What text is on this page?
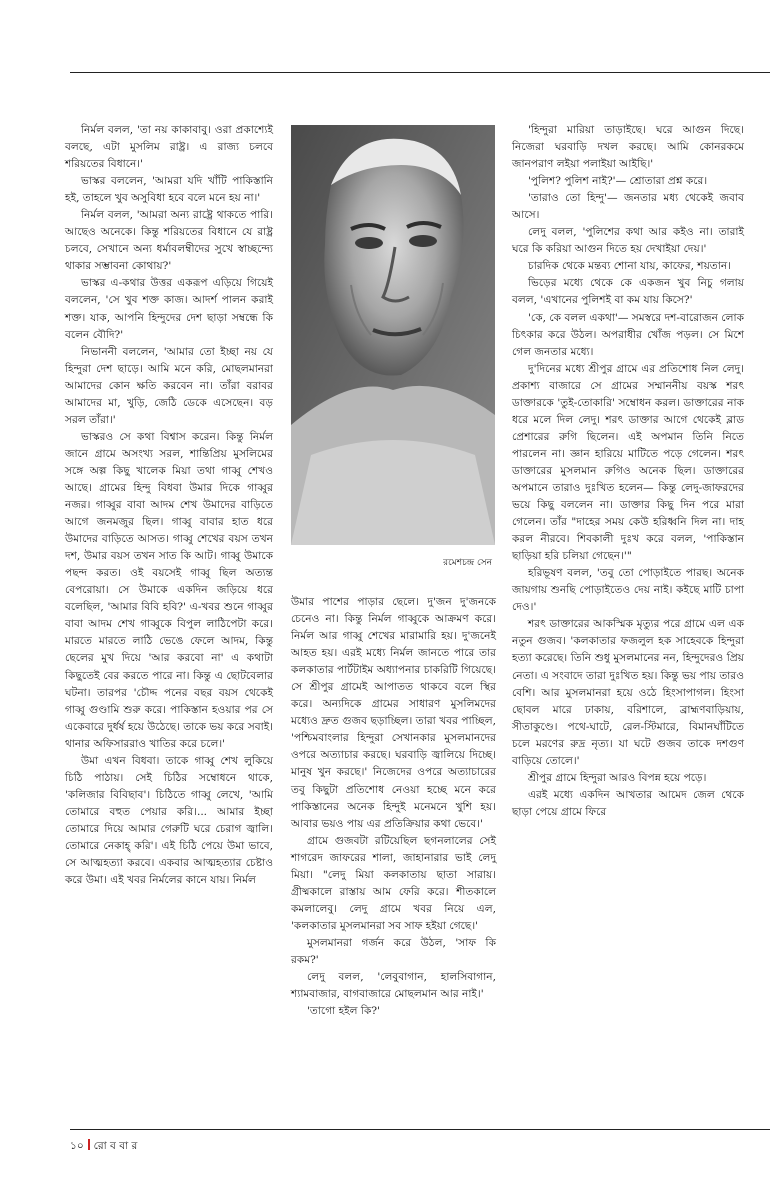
নির্মল বলল, 'তা নয় কাকাবাবু। ওরা প্রকাশ্যেই বলছে, এটা মুসলিম রাষ্ট্র। এ রাজ্য চলবে শরিয়তের বিধানে।'

ভাস্কর বললেন, 'আমরা যদি খাঁটি পাকিস্তানি হই, তাহলে খুব অসুবিধা হবে বলে মনে হয় না।'

নির্মল বলল, 'আমরা অন্য রাষ্ট্রে থাকতে পারি। আছেও অনেকে। কিন্তু শরিয়তের বিধানে যে রাষ্ট্র চলবে, সেখানে অন্য ধর্মাবলম্বীদের সুখে স্বাচ্ছন্দ্যে থাকার সম্ভাবনা কোথায়?'

ভাস্কর এ-কথার উত্তর একরূপ এড়িয়ে গিয়েই বললেন, 'সে খুব শক্ত কাজ। আদর্শ পালন করাই শক্ত। যাক, আপনি হিন্দুদের দেশ ছাড়া সম্বন্ধে কি বলেন বৌদি?'

নিভাননী বললেন, 'আমার তো ইচ্ছা নয় যে হিন্দুরা দেশ ছাড়ে। আমি মনে করি, মোছলমানরা আমাদের কোন ক্ষতি করবেন না। তাঁরা বরাবর আমাদের মা, খুড়ি, জেঠি ডেকে এসেছেন। বড় সরল তাঁরা।'

ভাস্করও সে কথা বিশ্বাস করেন। কিন্তু নির্মল জানে গ্রামে অসংখ্য সরল, শান্তিপ্রিয় মুসলিমের সঙ্গে অল্প কিছু খালেক মিয়া তথা গাব্বু শেখও আছে। গ্রামের হিন্দু বিধবা উমার দিকে গাব্বুর নজর। গাব্বুর বাবা আদম শেখ উমাদের বাড়িতে আগে জনমজুর ছিল। গাব্বু বাবার হাত ধরে উমাদের বাড়িতে আসত। গাব্বু শেখের বয়স তখন দশ, উমার বয়স তখন সাত কি আট। গাব্বু উমাকে পছন্দ করত। ওই বয়সেই গাব্বু ছিল অত্যন্ত বেপরোয়া। সে উমাকে একদিন জড়িয়ে ধরে বলেছিল, 'আমার বিবি হবি?' এ-খবর শুনে গাব্বুর বাবা আদম শেখ গাব্বুকে বিপুল লাঠিপেটা করে। মারতে মারতে লাঠি ভেঙে ফেলে আদম, কিন্তু ছেলের মুখ দিয়ে 'আর করবো না' এ কথাটা কিছুতেই বের করতে পারে না। কিন্তু এ ছোটবেলার ঘটনা। তারপর 'চৌদ্দ পনের বছর বয়স থেকেই গাব্বু গুণ্ডামি শুরু করে। পাকিস্তান হওয়ার পর সে একেবারে দুর্ধর্ষ হয়ে উঠেছে। তাকে ভয় করে সবাই। থানার অফিসাররাও খাতির করে চলে।'

উমা এখন বিধবা। তাকে গাব্বু শেখ লুকিয়ে চিঠি পাঠায়। সেই চিঠির সম্বোধনে থাকে, 'কলিজার বিবিছাব'। চিঠিতে গাব্বু লেখে, 'আমি তোমারে বহুত পেয়ার করি।... আমার ইচ্ছা তোমারে দিয়ে আমার গেরুটি ঘরে চেরাগ জ্বালি। তোমারে নেকাহ্ করি'। এই চিঠি পেয়ে উমা ভাবে, সে আত্মহত্যা করবে। একবার আত্মহত্যার চেষ্টাও করে উমা। এই খবর নির্মলের কানে যায়। নির্মল

রমেশচন্দ্র সেন

উমার পাশের পাড়ার ছেলে। দু'জন দু'জনকে চেনেও না। কিন্তু নির্মল গাব্বুকে আক্রমণ করে। নির্মল আর গাব্বু শেখের মারামারি হয়। দু'জনেই আহত হয়। এরই মধ্যে নির্মল জানতে পারে তার কলকাতার পার্টটাইম অধ্যাপনার চাকরিটি গিয়েছে। সে শ্রীপুর গ্রামেই আপাতত থাকবে বলে স্থির করে। অন্যদিকে গ্রামের সাধারণ মুসলিমদের মধ্যেও দ্রুত গুজব ছড়াচ্ছিল। তারা খবর পাচ্ছিল, 'পশ্চিমবাংলার হিন্দুরা সেখানকার মুসলমানদের ওপরে অত্যাচার করছে। ঘরবাড়ি জ্বালিয়ে দিচ্ছে। মানুষ খুন করছে।' নিজেদের ওপরে অত্যাচারের তবু কিছুটা প্রতিশোধ নেওয়া হচ্ছে মনে করে পাকিস্তানের অনেক হিন্দুই মনেমনে খুশি হয়। আবার ভয়ও পায় এর প্রতিক্রিয়ার কথা ভেবে।'

গ্রামে গুজবটা রটিয়েছিল ছগনলালের সেই শাগরেদ জাফরের শালা, জাহানারার ভাই লেদু মিয়া। "লেদু মিয়া কলকাতায় ছাতা সারায়। গ্রীষ্মকালে রাস্তায় আম ফেরি করে। শীতকালে কমলালেবু। লেদু গ্রামে খবর নিয়ে এল, 'কলকাতার মুসলমানরা সব সাফ হইয়া গেছে।'

মুসলমানরা গর্জন করে উঠল, 'সাফ কি রকম?'

লেদু বলল, 'লেবুবাগান, হালসিবাগান, শ্যামবাজার, বাগবাজারে মোছলমান আর নাই।'

'তাগো হইল কি?'

'হিন্দুরা মারিয়া তাড়াইছে। ঘরে আগুন দিছে। নিজেরা ঘরবাড়ি দখল করছে। আমি কোনরকমে জানপরাণ লইয়া পলাইয়া আইছি।'

'পুলিশ? পুলিশ নাই?'— শ্রোতারা প্রশ্ন করে।

'তারাও তো হিন্দু'— জনতার মধ্য থেকেই জবাব আসে।

লেদু বলল, 'পুলিশের কথা আর কইও না। তারাই ঘরে কি করিয়া আগুন দিতে হয় দেখাইয়া দেয়।'

চারদিক থেকে মন্তব্য শোনা যায়, কাফের, শয়তান।

ভিড়ের মধ্যে থেকে কে একজন খুব নিচু গলায় বলল, 'এখানের পুলিশই বা কম যায় কিসে?'

'কে, কে বলল একথা'— সমস্বরে দশ-বারোজন লোক চিৎকার করে উঠল। অপরাধীর খোঁজ পড়ল। সে মিশে গেল জনতার মধ্যে।

দু'দিনের মধ্যে শ্রীপুর গ্রামে এর প্রতিশোধ নিল লেদু। প্রকাশ্য বাজারে সে গ্রামের সম্মাননীয় বয়স্ক শরৎ ডাক্তারকে 'তুই-তোকারি' সম্বোধন করল। ডাক্তারের নাক ধরে মলে দিল লেদু। শরৎ ডাক্তার আগে থেকেই ব্লাড প্রেশারের রুগি ছিলেন। এই অপমান তিনি নিতে পারলেন না। জ্ঞান হারিয়ে মাটিতে পড়ে গেলেন। শরৎ ডাক্তারের মুসলমান রুগিও অনেক ছিল। ডাক্তারের অপমানে তারাও দুঃখিত হলেন— কিন্তু লেদু-জাফরদের ভয়ে কিছু বললেন না। ডাক্তার কিছু দিন পরে মারা গেলেন। তাঁর "দাহের সময় কেউ হরিধ্বনি দিল না। দাহ করল নীরবে। শিবকালী দুঃখ করে বলল, 'পাকিস্তান ছাড়িয়া হরি চলিয়া গেছেন।'"

হরিভূষণ বলল, 'তবু তো পোড়াইতে পারছ। অনেক জায়গায় শুনছি পোড়াইতেও দেয় নাই। কইছে মাটি চাপা দেও।'

শরৎ ডাক্তারের আকস্মিক মৃত্যুর পরে গ্রামে এল এক নতুন গুজব। 'কলকাতার ফজলুল হক সাহেবকে হিন্দুরা হত্যা করেছে। তিনি শুধু মুসলমানের নন, হিন্দুদেরও প্রিয় নেতা। এ সংবাদে তারা দুঃখিত হয়। কিন্তু ভয় পায় তারও বেশি। আর মুসলমানরা হয়ে ওঠে হিংসাপাগল। হিংসা ছোবল মারে ঢাকায়, বরিশালে, ব্রাহ্মণবাড়িয়ায়, সীতাকুণ্ডে। পথে-ঘাটে, রেল-স্টিমারে, বিমানঘাঁটিতে চলে মরণের রুদ্র নৃত্য। যা ঘটে গুজব তাকে দশগুণ বাড়িয়ে তোলে।'

শ্রীপুর গ্রামে হিন্দুরা আরও বিপন্ন হয়ে পড়ে।

এরই মধ্যে একদিন আখতার আমেদ জেল থেকে ছাড়া পেয়ে গ্রামে ফিরে

১০ রো ব বা র
